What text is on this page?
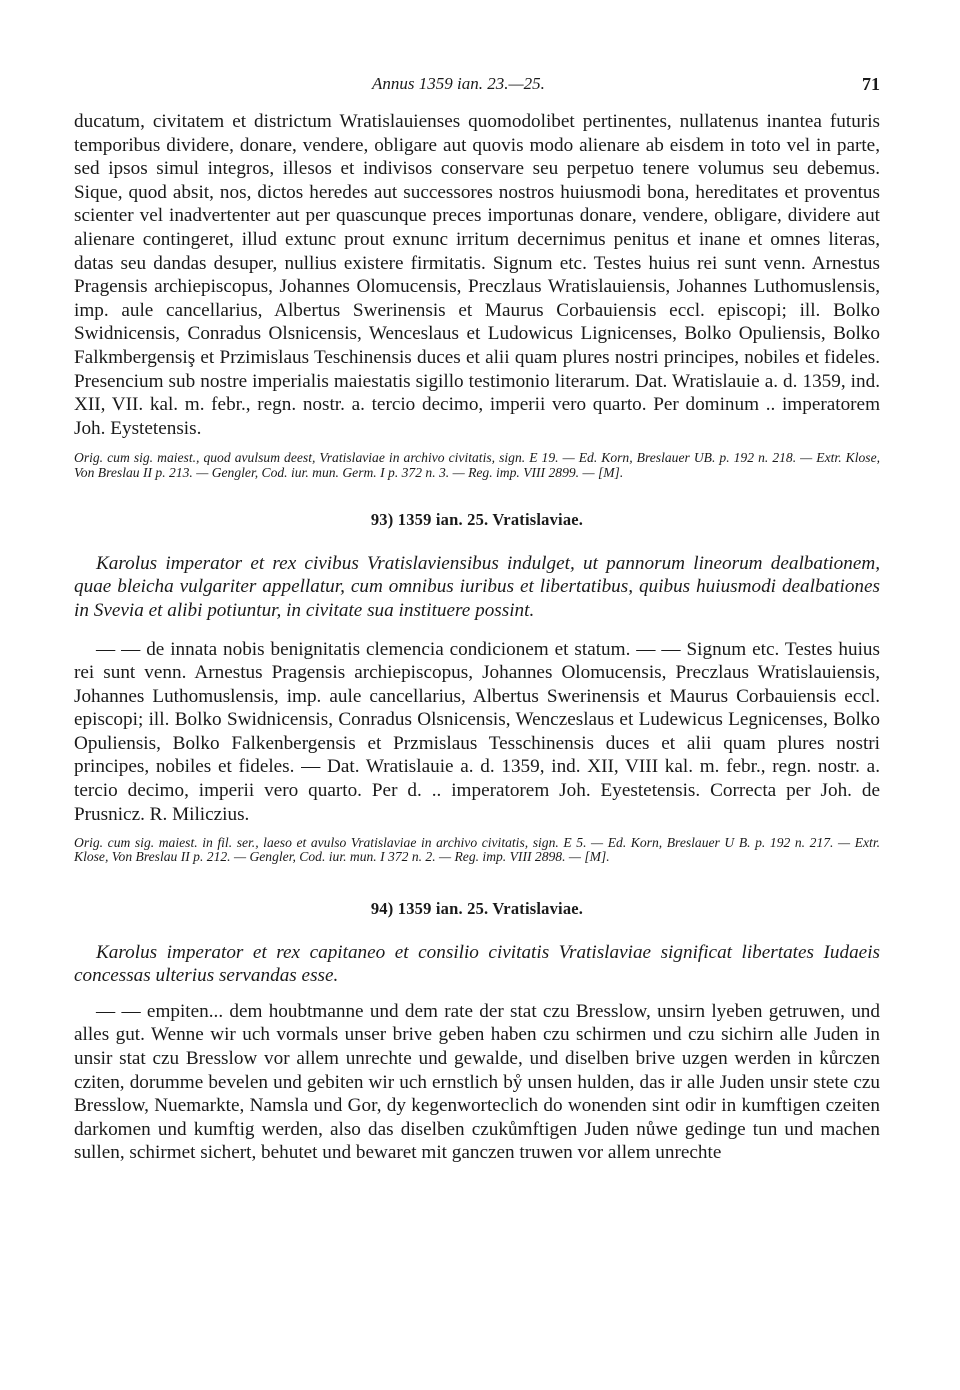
Annus 1359 ian. 23.—25.	71

ducatum, civitatem et districtum Wratislauienses quomodolibet pertinentes, nullatenus inantea futuris temporibus dividere, donare, vendere, obligare aut quovis modo alienare ab eisdem in toto vel in parte, sed ipsos simul integros, illesos et indivisos conservare seu perpetuo tenere volumus seu debemus. Sique, quod absit, nos, dictos heredes aut successores nostros huiusmodi bona, hereditates et proventus scienter vel inadvertenter aut per quascunque preces importunas donare, vendere, obligare, dividere aut alienare contingeret, illud extunc prout exnunc irritum decernimus penitus et inane et omnes literas, datas seu dandas desuper, nullius existere firmitatis. Signum etc. Testes huius rei sunt venn. Arnestus Pragensis archiepiscopus, Johannes Olomucensis, Preczlaus Wratislauiensis, Johannes Luthomuslensis, imp. aule cancellarius, Albertus Swerinensis et Maurus Corbauiensis eccl. episcopi; ill. Bolko Swidnicensis, Conradus Olsnicensis, Wenceslaus et Ludowicus Lignicenses, Bolko Opuliensis, Bolko Falkmbergensiş et Przimislaus Teschinensis duces et alii quam plures nostri principes, nobiles et fideles. Presencium sub nostre imperialis maiestatis sigillo testimonio literarum. Dat. Wratislauie a. d. 1359, ind. XII, VII. kal. m. febr., regn. nostr. a. tercio decimo, imperii vero quarto. Per dominum .. imperatorem Joh. Eystetensis.

Orig. cum sig. maiest., quod avulsum deest, Vratislaviae in archivo civitatis, sign. E 19. — Ed. Korn, Breslauer UB. p. 192 n. 218. — Extr. Klose, Von Breslau II p. 213. — Gengler, Cod. iur. mun. Germ. I p. 372 n. 3. — Reg. imp. VIII 2899. — [M].

93) 1359 ian. 25. Vratislaviae.

Karolus imperator et rex civibus Vratislaviensibus indulget, ut pannorum lineorum dealbationem, quae bleicha vulgariter appellatur, cum omnibus iuribus et libertatibus, quibus huiusmodi dealbationes in Svevia et alibi potiuntur, in civitate sua instituere possint.

— — de innata nobis benignitatis clemencia condicionem et statum. — — Signum etc. Testes huius rei sunt venn. Arnestus Pragensis archiepiscopus, Johannes Olomucensis, Preczlaus Wratislauiensis, Johannes Luthomuslensis, imp. aule cancellarius, Albertus Swerinensis et Maurus Corbauiensis eccl. episcopi; ill. Bolko Swidnicensis, Conradus Olsnicensis, Wenczeslaus et Ludewicus Legnicenses, Bolko Opuliensis, Bolko Falkenbergensis et Przmislaus Tesschinensis duces et alii quam plures nostri principes, nobiles et fideles. — Dat. Wratislauie a. d. 1359, ind. XII, VIII kal. m. febr., regn. nostr. a. tercio decimo, imperii vero quarto. Per d. .. imperatorem Joh. Eyestetensis. Correcta per Joh. de Prusnicz. R. Miliczius.

Orig. cum sig. maiest. in fil. ser., laeso et avulso Vratislaviae in archivo civitatis, sign. E 5. — Ed. Korn, Breslauer U B. p. 192 n. 217. — Extr. Klose, Von Breslau II p. 212. — Gengler, Cod. iur. mun. I 372 n. 2. — Reg. imp. VIII 2898. — [M].

94) 1359 ian. 25. Vratislaviae.

Karolus imperator et rex capitaneo et consilio civitatis Vratislaviae significat libertates Iudaeis concessas ulterius servandas esse.

— — empiten... dem houbtmanne und dem rate der stat czu Bresslow, unsirn lyeben getruwen, und alles gut. Wenne wir uch vormals unser brive geben haben czu schirmen und czu sichirn alle Juden in unsir stat czu Bresslow vor allem unrechte und gewalde, und diselben brive uzgen werden in kůrczen cziten, dorumme bevelen und gebiten wir uch ernstlich bẙ unsen hulden, das ir alle Juden unsir stete czu Bresslow, Nuemarkte, Namsla und Gor, dy kegenworteclich do wonenden sint odir in kumftigen czeiten darkomen und kumftig werden, also das diselben czukůmftigen Juden nůwe gedinge tun und machen sullen, schirmet sichert, behutet und bewaret mit ganczen truwen vor allem unrechte
